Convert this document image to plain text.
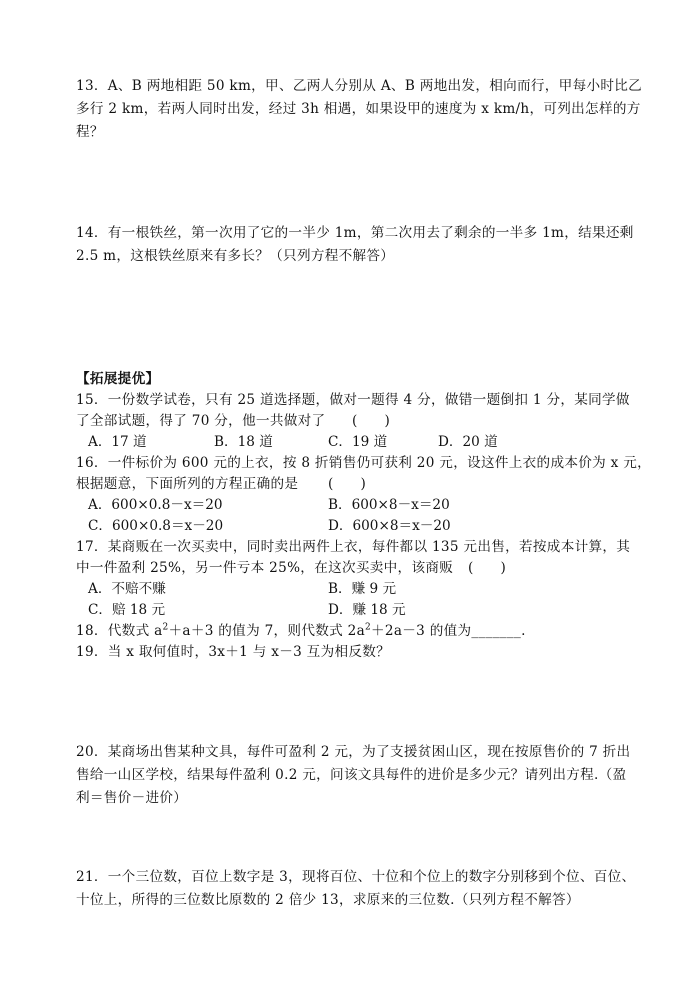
13．A、B 两地相距 50 km，甲、乙两人分别从 A、B 两地出发，相向而行，甲每小时比乙
多行 2 km，若两人同时出发，经过 3h 相遇，如果设甲的速度为 x km/h，可列出怎样的方
程？
14．有一根铁丝，第一次用了它的一半少 1m，第二次用去了剩余的一半多 1m，结果还剩
2.5 m，这根铁丝原来有多长？（只列方程不解答）
【拓展提优】
15．一份数学试卷，只有 25 道选择题，做对一题得 4 分，做错一题倒扣 1 分，某同学做
了全部试题，得了 70 分，他一共做对了 (　　)
A．17 道	B．18 道	C．19 道	D．20 道
16．一件标价为 600 元的上衣，按 8 折销售仍可获利 20 元，设这件上衣的成本价为 x 元，
根据题意，下面所列的方程正确的是 (　　)
A．600×0.8－x＝20	B．600×8－x＝20
C．600×0.8＝x－20	D．600×8＝x－20
17．某商贩在一次买卖中，同时卖出两件上衣，每件都以 135 元出售，若按成本计算，其
中一件盈利 25%，另一件亏本 25%，在这次买卖中，该商贩 (　　)
A．不赔不赚	B．赚 9 元
C．赔 18 元	D．赚 18 元
18．代数式 $a^2+a+3$ 的值为 7，则代数式 $2a^2+2a-3$ 的值为_______.
19．当 x 取何值时，3x＋1 与 x－3 互为相反数？
20．某商场出售某种文具，每件可盈利 2 元，为了支援贫困山区，现在按原售价的 7 折出
售给一山区学校，结果每件盈利 0.2 元，问该文具每件的进价是多少元？请列出方程.（盈
利＝售价－进价）
21．一个三位数，百位上数字是 3，现将百位、十位和个位上的数字分别移到个位、百位、
十位上，所得的三位数比原数的 2 倍少 13，求原来的三位数.（只列方程不解答）
